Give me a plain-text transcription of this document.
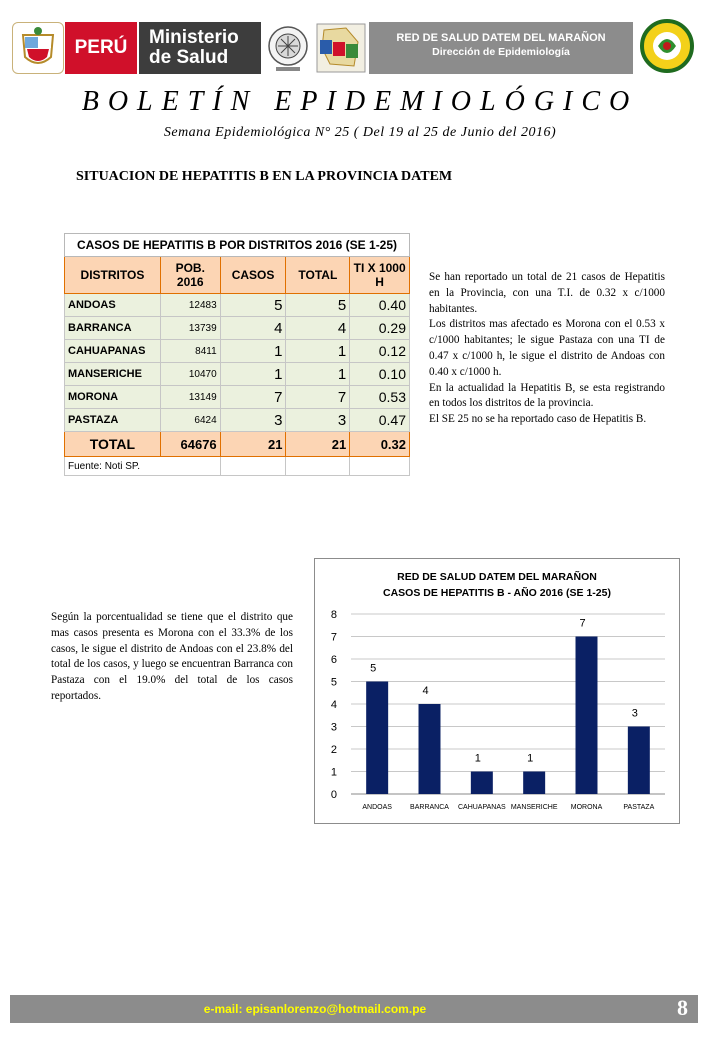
PERÚ	Ministerio
de Salud
RED DE SALUD DATEM DEL MARAÑON
Dirección de Epidemiología
BOLETÍN EPIDEMIOLÓGICO
Semana Epidemiológica N° 25 ( Del 19 al 25 de Junio del 2016)
SITUACION DE HEPATITIS B EN LA PROVINCIA DATEM
CASOS DE HEPATITIS B POR DISTRITOS 2016 (SE 1-25)				
DISTRITOS	POB. 2016	CASOS	TOTAL	TI X 1000 H
ANDOAS	12483	5	5	0.40
BARRANCA	13739	4	4	0.29
CAHUAPANAS	8411	1	1	0.12
MANSERICHE	10470	1	1	0.10
MORONA	13149	7	7	0.53
PASTAZA	6424	3	3	0.47
TOTAL	64676	21	21	0.32
Fuente: Noti SP.				

Se han reportado un total de 21 casos de Hepatitis en la Provincia, con una T.I. de 0.32 x c/1000 habitantes.

Los distritos mas afectado es Morona con el 0.53 x c/1000 habitantes; le sigue Pastaza con una TI de 0.47 x c/1000 h, le sigue el distrito de Andoas con 0.40 x c/1000 h.

En la actualidad la Hepatitis B, se esta registrando en todos los distritos de la provincia.

El SE 25 no se ha reportado caso de Hepatitis B.

Según la porcentualidad se tiene que el distrito que mas casos presenta es Morona con el 33.3% de los casos, le sigue el distrito de Andoas con el 23.8% del total de los casos, y luego se encuentran Barranca con Pastaza con el 19.0% del total de los casos reportados.
RED DE SALUD DATEM DEL MARAÑON
CASOS DE HEPATITIS B - AÑO 2016 (SE 1-25)
0
1
2
3
4
5
6
7
8
5
ANDOAS
4
BARRANCA
1
CAHUAPANAS
1
MANSERICHE
7
MORONA
3
PASTAZA
e-mail: episanlorenzo@hotmail.com.pe	8
